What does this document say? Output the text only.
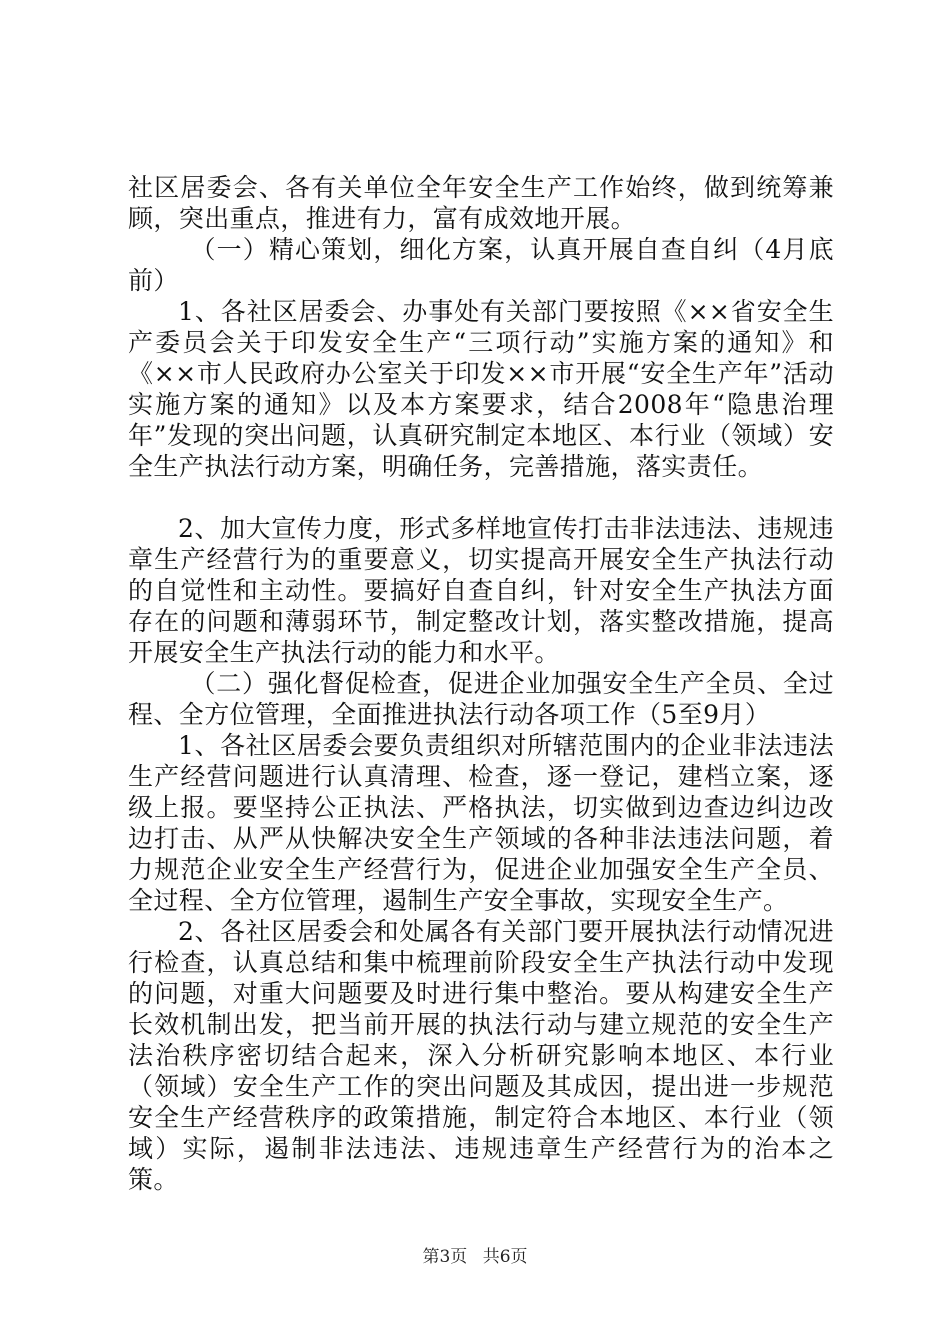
社区居委会、各有关单位全年安全生产工作始终，做到统筹兼顾，突出重点，推进有力，富有成效地开展。

（一）精心策划，细化方案，认真开展自查自纠（4月底前）

1、各社区居委会、办事处有关部门要按照《××省安全生产委员会关于印发安全生产“三项行动”实施方案的通知》和《××市人民政府办公室关于印发××市开展“安全生产年”活动实施方案的通知》以及本方案要求，结合2008年“隐患治理年”发现的突出问题，认真研究制定本地区、本行业（领域）安全生产执法行动方案，明确任务，完善措施，落实责任。

2、加大宣传力度，形式多样地宣传打击非法违法、违规违章生产经营行为的重要意义，切实提高开展安全生产执法行动的自觉性和主动性。要搞好自查自纠，针对安全生产执法方面存在的问题和薄弱环节，制定整改计划，落实整改措施，提高开展安全生产执法行动的能力和水平。

（二）强化督促检查，促进企业加强安全生产全员、全过程、全方位管理，全面推进执法行动各项工作（5至9月）

1、各社区居委会要负责组织对所辖范围内的企业非法违法生产经营问题进行认真清理、检查，逐一登记，建档立案，逐级上报。要坚持公正执法、严格执法，切实做到边查边纠边改边打击、从严从快解决安全生产领域的各种非法违法问题，着力规范企业安全生产经营行为，促进企业加强安全生产全员、全过程、全方位管理，遏制生产安全事故，实现安全生产。

2、各社区居委会和处属各有关部门要开展执法行动情况进行检查，认真总结和集中梳理前阶段安全生产执法行动中发现的问题，对重大问题要及时进行集中整治。要从构建安全生产长效机制出发，把当前开展的执法行动与建立规范的安全生产法治秩序密切结合起来，深入分析研究影响本地区、本行业（领域）安全生产工作的突出问题及其成因，提出进一步规范安全生产经营秩序的政策措施，制定符合本地区、本行业（领域）实际，遏制非法违法、违规违章生产经营行为的治本之策。

第3页 共6页
